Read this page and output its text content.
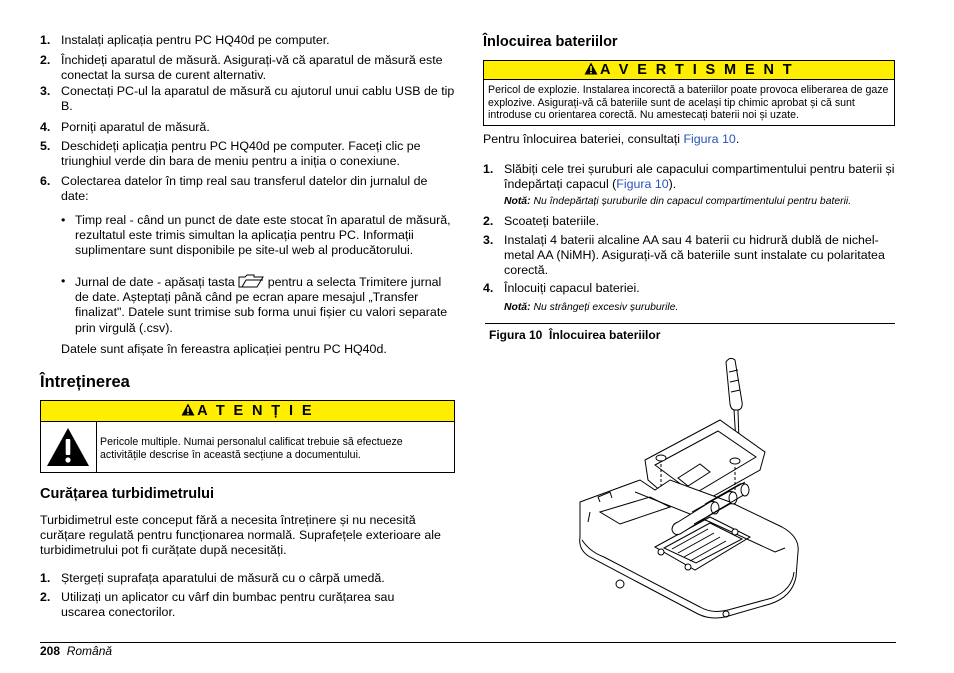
1. Instalați aplicația pentru PC HQ40d pe computer.
2. Închideți aparatul de măsură. Asigurați-vă că aparatul de măsură este conectat la sursa de curent alternativ.
3. Conectați PC-ul la aparatul de măsură cu ajutorul unui cablu USB de tip B.
4. Porniți aparatul de măsură.
5. Deschideți aplicația pentru PC HQ40d pe computer. Faceți clic pe triunghiul verde din bara de meniu pentru a iniția o conexiune.
6. Colectarea datelor în timp real sau transferul datelor din jurnalul de date:
• Timp real - când un punct de date este stocat în aparatul de măsură, rezultatul este trimis simultan la aplicația pentru PC. Informații suplimentare sunt disponibile pe site-ul web al producătorului.
• Jurnal de date - apăsați tasta	pentru a selecta Trimitere jurnal de date. Așteptați până când pe ecran apare mesajul „Transfer finalizat". Datele sunt trimise sub forma unui fișier cu valori separate prin virgulă (.csv).
Datele sunt afișate în fereastra aplicației pentru PC HQ40d.
Întreținerea
A T E N Ț I E
Pericole multiple. Numai personalul calificat trebuie să efectueze activitățile descrise în această secțiune a documentului.
Curățarea turbidimetrului
Turbidimetrul este conceput fără a necesita întreținere și nu necesită curățare regulată pentru funcționarea normală. Suprafețele exterioare ale turbidimetrului pot fi curățate după necesități.
1. Ștergeți suprafața aparatului de măsură cu o cârpă umedă.
2. Utilizați un aplicator cu vârf din bumbac pentru curățarea sau uscarea conectorilor.
Înlocuirea bateriilor
A V E R T I S M E N T
Pericol de explozie. Instalarea incorectă a bateriilor poate provoca eliberarea de gaze explozive. Asigurați-vă că bateriile sunt de același tip chimic aprobat și că sunt introduse cu orientarea corectă. Nu amestecați baterii noi și uzate.
Pentru înlocuirea bateriei, consultați Figura 10.
1. Slăbiți cele trei șuruburi ale capacului compartimentului pentru baterii și îndepărtați capacul (Figura 10).
Notă: Nu îndepărtați șuruburile din capacul compartimentului pentru baterii.
2. Scoateți bateriile.
3. Instalați 4 baterii alcaline AA sau 4 baterii cu hidrură dublă de nichel-metal AA (NiMH). Asigurați-vă că bateriile sunt instalate cu polaritatea corectă.
4. Înlocuiți capacul bateriei.
Notă: Nu strângeți excesiv șuruburile.
Figura 10 Înlocuirea bateriilor
208 Română
